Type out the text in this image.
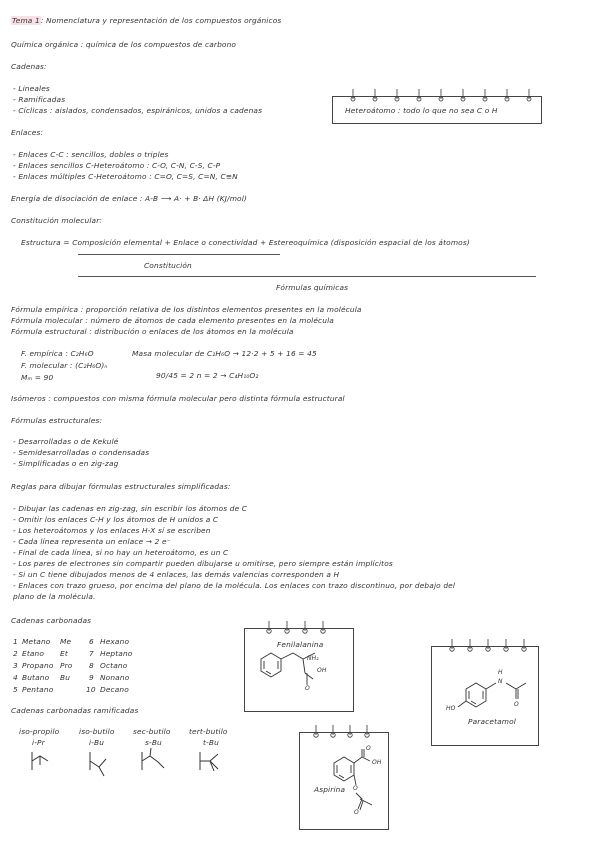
Tema 1: Nomenclatura y representación de los compuestos orgánicos
Química orgánica : química de los compuestos de carbono
Cadenas:
- Lineales
- Ramificadas
- Cíclicas : aislados, condensados, espiránicos, unidos a cadenas	Heteroátomo : todo lo que no sea C o H
Enlaces:
- Enlaces C-C : sencillos, dobles o triples
- Enlaces sencillos C-Heteroátomo : C-O, C-N, C-S, C-P
- Enlaces múltiples C-Heteroátomo : C=O, C=S, C=N, C≡N
Energía de disociación de enlace : A-B ⟶ A· + B· ΔH (KJ/mol)
Constitución molecular:
Estructura = Composición elemental + Enlace o conectividad + Estereoquímica (disposición espacial de los átomos)
Constitución
Fórmulas químicas
Fórmula empírica : proporción relativa de los distintos elementos presentes en la molécula
Fórmula molecular : número de átomos de cada elemento presentes en la molécula
Fórmula estructural : distribución o enlaces de los átomos en la molécula
F. empírica : C₂H₆O
F. molecular : (C₂H₆O)ₙ
Mₘ = 90
Masa molecular de C₂H₆O → 12·2 + 5 + 16 = 45
90/45 = 2 n = 2 → C₄H₁₀O₂
Isómeros : compuestos con misma fórmula molecular pero distinta fórmula estructural
Fórmulas estructurales:
- Desarrolladas o de Kekulé
- Semidesarrolladas o condensadas
- Simplificadas o en zig-zag
Reglas para dibujar fórmulas estructurales simplificadas:
- Dibujar las cadenas en zig-zag, sin escribir los átomos de C
- Omitir los enlaces C-H y los átomos de H unidos a C
- Los heteroátomos y los enlaces H-X sí se escriben
- Cada línea representa un enlace → 2 e⁻
- Final de cada línea, si no hay un heteroátomo, es un C
- Los pares de electrones sin compartir pueden dibujarse u omitirse, pero siempre están implícitos
- Si un C tiene dibujados menos de 4 enlaces, las demás valencias corresponden a H
- Enlaces con trazo grueso, por encima del plano de la molécula. Los enlaces con trazo discontinuo, por debajo del
plano de la molécula.
Cadenas carbonadas
1 Metano Me
2 Etano Et
3 Propano Pro
4 Butano Bu
5 Pentano
6 Hexano
7 Heptano
8 Octano
9 Nonano
10 Decano
Cadenas carbonadas ramificadas
iso-propilo
i-Pr
iso-butilo
i-Bu
sec-butilo
s-Bu
tert-butilo
t-Bu
Fenilalanina
NH₂
OH
O
H
N
HO
O
Paracetamol
O
OH
O
O
Aspirina
